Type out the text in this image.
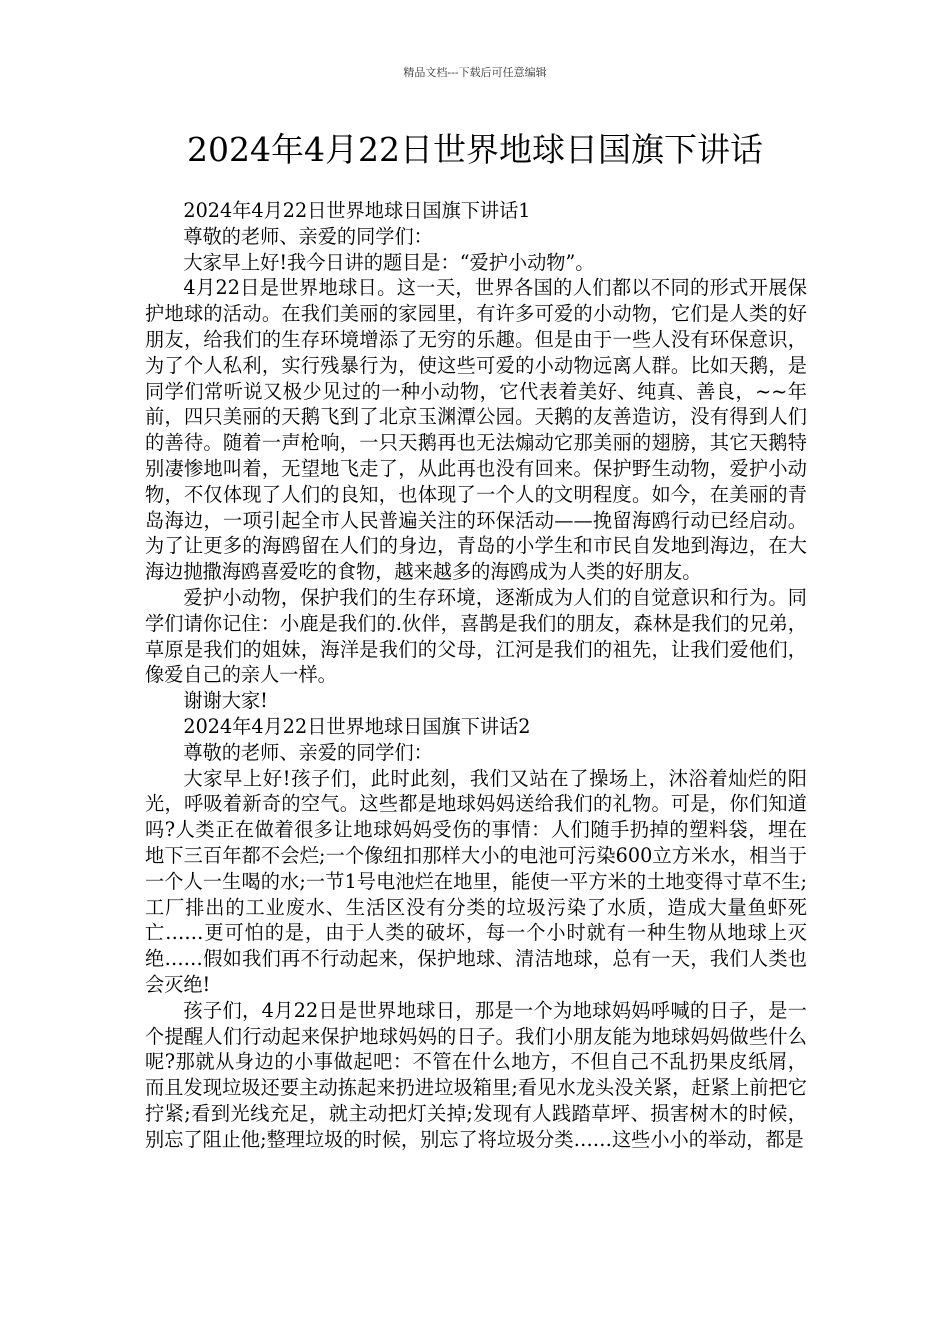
精品文档---下载后可任意编辑
2024年4月22日世界地球日国旗下讲话

2024年4月22日世界地球日国旗下讲话1

尊敬的老师、亲爱的同学们：

大家早上好!我今日讲的题目是：“爱护小动物”。

4月22日是世界地球日。这一天，世界各国的人们都以不同的形式开展保护地球的活动。在我们美丽的家园里，有许多可爱的小动物，它们是人类的好朋友，给我们的生存环境增添了无穷的乐趣。但是由于一些人没有环保意识，为了个人私利，实行残暴行为，使这些可爱的小动物远离人群。比如天鹅，是同学们常听说又极少见过的一种小动物，它代表着美好、纯真、善良，~~年前，四只美丽的天鹅飞到了北京玉渊潭公园。天鹅的友善造访，没有得到人们的善待。随着一声枪响，一只天鹅再也无法煽动它那美丽的翅膀，其它天鹅特别凄惨地叫着，无望地飞走了，从此再也没有回来。保护野生动物，爱护小动物，不仅体现了人们的良知，也体现了一个人的文明程度。如今，在美丽的青岛海边，一项引起全市人民普遍关注的环保活动——挽留海鸥行动已经启动。为了让更多的海鸥留在人们的身边，青岛的小学生和市民自发地到海边，在大海边抛撒海鸥喜爱吃的食物，越来越多的海鸥成为人类的好朋友。

爱护小动物，保护我们的生存环境，逐渐成为人们的自觉意识和行为。同学们请你记住：小鹿是我们的.伙伴，喜鹊是我们的朋友，森林是我们的兄弟，草原是我们的姐妹，海洋是我们的父母，江河是我们的祖先，让我们爱他们，像爱自己的亲人一样。

谢谢大家!

2024年4月22日世界地球日国旗下讲话2

尊敬的老师、亲爱的同学们：

大家早上好!孩子们，此时此刻，我们又站在了操场上，沐浴着灿烂的阳光，呼吸着新奇的空气。这些都是地球妈妈送给我们的礼物。可是，你们知道吗?人类正在做着很多让地球妈妈受伤的事情：人们随手扔掉的塑料袋，埋在地下三百年都不会烂;一个像纽扣那样大小的电池可污染600立方米水，相当于一个人一生喝的水;一节1号电池烂在地里，能使一平方米的土地变得寸草不生;工厂排出的工业废水、生活区没有分类的垃圾污染了水质，造成大量鱼虾死亡……更可怕的是，由于人类的破坏，每一个小时就有一种生物从地球上灭绝……假如我们再不行动起来，保护地球、清洁地球，总有一天，我们人类也会灭绝!

孩子们，4月22日是世界地球日，那是一个为地球妈妈呼喊的日子，是一个提醒人们行动起来保护地球妈妈的日子。我们小朋友能为地球妈妈做些什么呢?那就从身边的小事做起吧：不管在什么地方，不但自己不乱扔果皮纸屑，而且发现垃圾还要主动拣起来扔进垃圾箱里;看见水龙头没关紧，赶紧上前把它拧紧;看到光线充足，就主动把灯关掉;发现有人践踏草坪、损害树木的时候，别忘了阻止他;整理垃圾的时候，别忘了将垃圾分类……这些小小的举动，都是
